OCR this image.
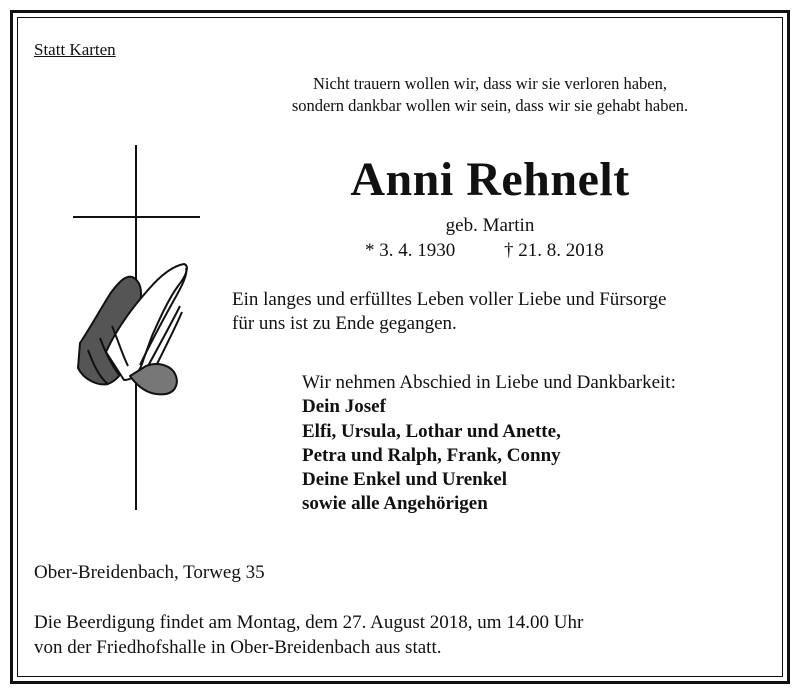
Statt Karten
Nicht trauern wollen wir, dass wir sie verloren haben,
sondern dankbar wollen wir sein, dass wir sie gehabt haben.
Anni Rehnelt
geb. Martin
* 3. 4. 1930	† 21. 8. 2018
Ein langes und erfülltes Leben voller Liebe und Fürsorge
für uns ist zu Ende gegangen.
Wir nehmen Abschied in Liebe und Dankbarkeit:
Dein Josef
Elfi, Ursula, Lothar und Anette,
Petra und Ralph, Frank, Conny
Deine Enkel und Urenkel
sowie alle Angehörigen
Ober-Breidenbach, Torweg 35
Die Beerdigung findet am Montag, dem 27. August 2018, um 14.00 Uhr
von der Friedhofshalle in Ober-Breidenbach aus statt.
